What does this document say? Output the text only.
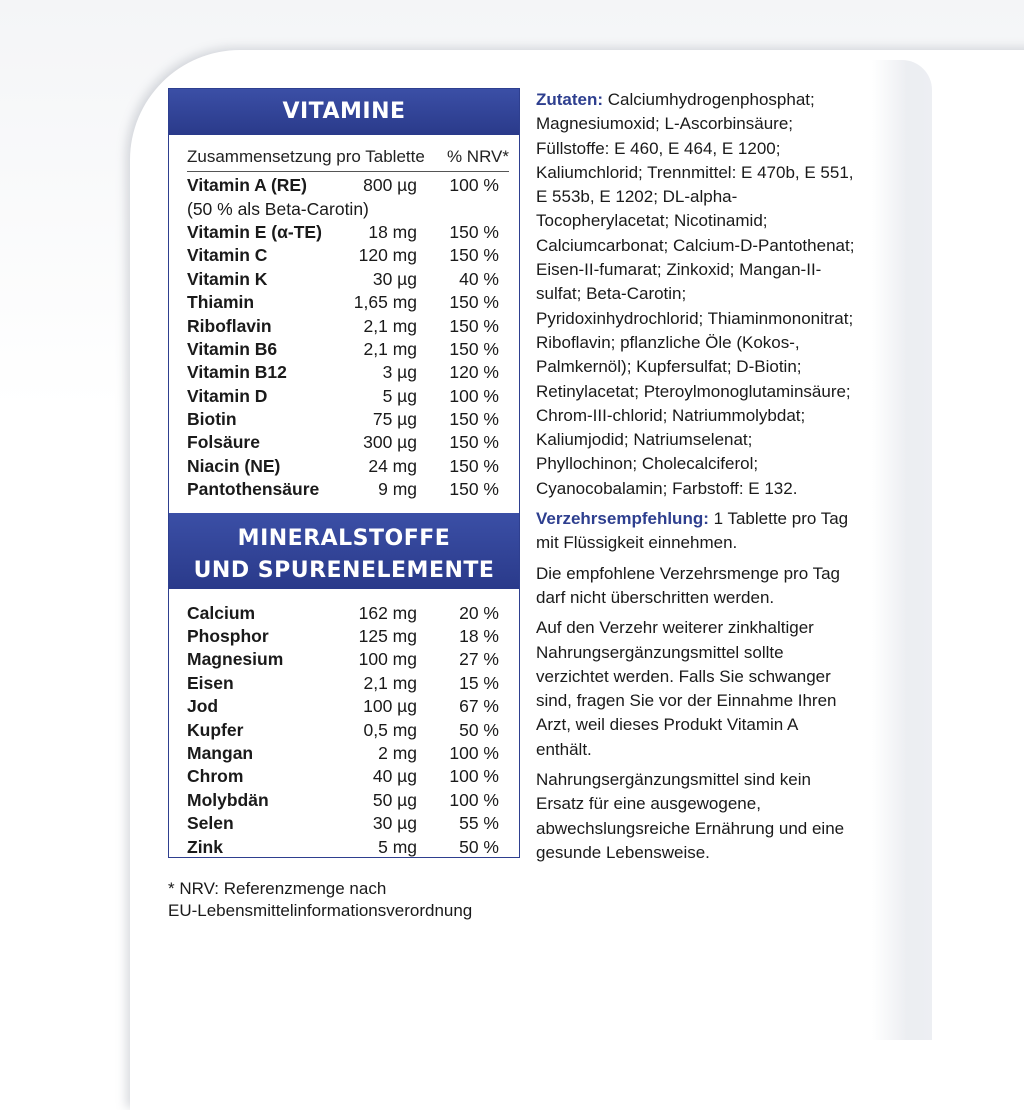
VITAMINE
Zusammensetzung pro Tablette % NRV*
Vitamin A (RE)	800 µg	100 %
(50 % als Beta-Carotin)
Vitamin E (α-TE)	18 mg	150 %
Vitamin C	120 mg	150 %
Vitamin K	30 µg	40 %
Thiamin	1,65 mg	150 %
Riboflavin	2,1 mg	150 %
Vitamin B6	2,1 mg	150 %
Vitamin B12	3 µg	120 %
Vitamin D	5 µg	100 %
Biotin	75 µg	150 %
Folsäure	300 µg	150 %
Niacin (NE)	24 mg	150 %
Pantothensäure	9 mg	150 %
MINERALSTOFFE
UND SPURENELEMENTE
Calcium	162 mg	20 %
Phosphor	125 mg	18 %
Magnesium	100 mg	27 %
Eisen	2,1 mg	15 %
Jod	100 µg	67 %
Kupfer	0,5 mg	50 %
Mangan	2 mg	100 %
Chrom	40 µg	100 %
Molybdän	50 µg	100 %
Selen	30 µg	55 %
Zink	5 mg	50 %
* NRV: Referenzmenge nach
EU-Lebensmittelinformationsverordnung

Zutaten: Calciumhydrogenphosphat; Magnesiumoxid; L-Ascorbinsäure; Füllstoffe: E 460, E 464, E 1200; Kaliumchlorid; Trennmittel: E 470b, E 551, E 553b, E 1202; DL-alpha-Tocopherylacetat; Nicotinamid; Calciumcarbonat; Calcium-D-Pantothenat; Eisen-II-fumarat; Zinkoxid; Mangan-II-sulfat; Beta-Carotin; Pyridoxinhydrochlorid; Thiaminmononitrat; Riboflavin; pflanzliche Öle (Kokos-, Palmkernöl); Kupfersulfat; D-Biotin; Retinylacetat; Pteroylmonoglutaminsäure; Chrom-III-chlorid; Natriummolybdat; Kaliumjodid; Natriumselenat; Phyllochinon; Cholecalciferol; Cyanocobalamin; Farbstoff: E 132.

Verzehrsempfehlung: 1 Tablette pro Tag mit Flüssigkeit einnehmen.

Die empfohlene Verzehrsmenge pro Tag darf nicht überschritten werden.

Auf den Verzehr weiterer zinkhaltiger Nahrungsergänzungsmittel sollte verzichtet werden. Falls Sie schwanger sind, fragen Sie vor der Einnahme Ihren Arzt, weil dieses Produkt Vitamin A enthält.

Nahrungsergänzungsmittel sind kein Ersatz für eine ausgewogene, abwechslungsreiche Ernährung und eine gesunde Lebensweise.
